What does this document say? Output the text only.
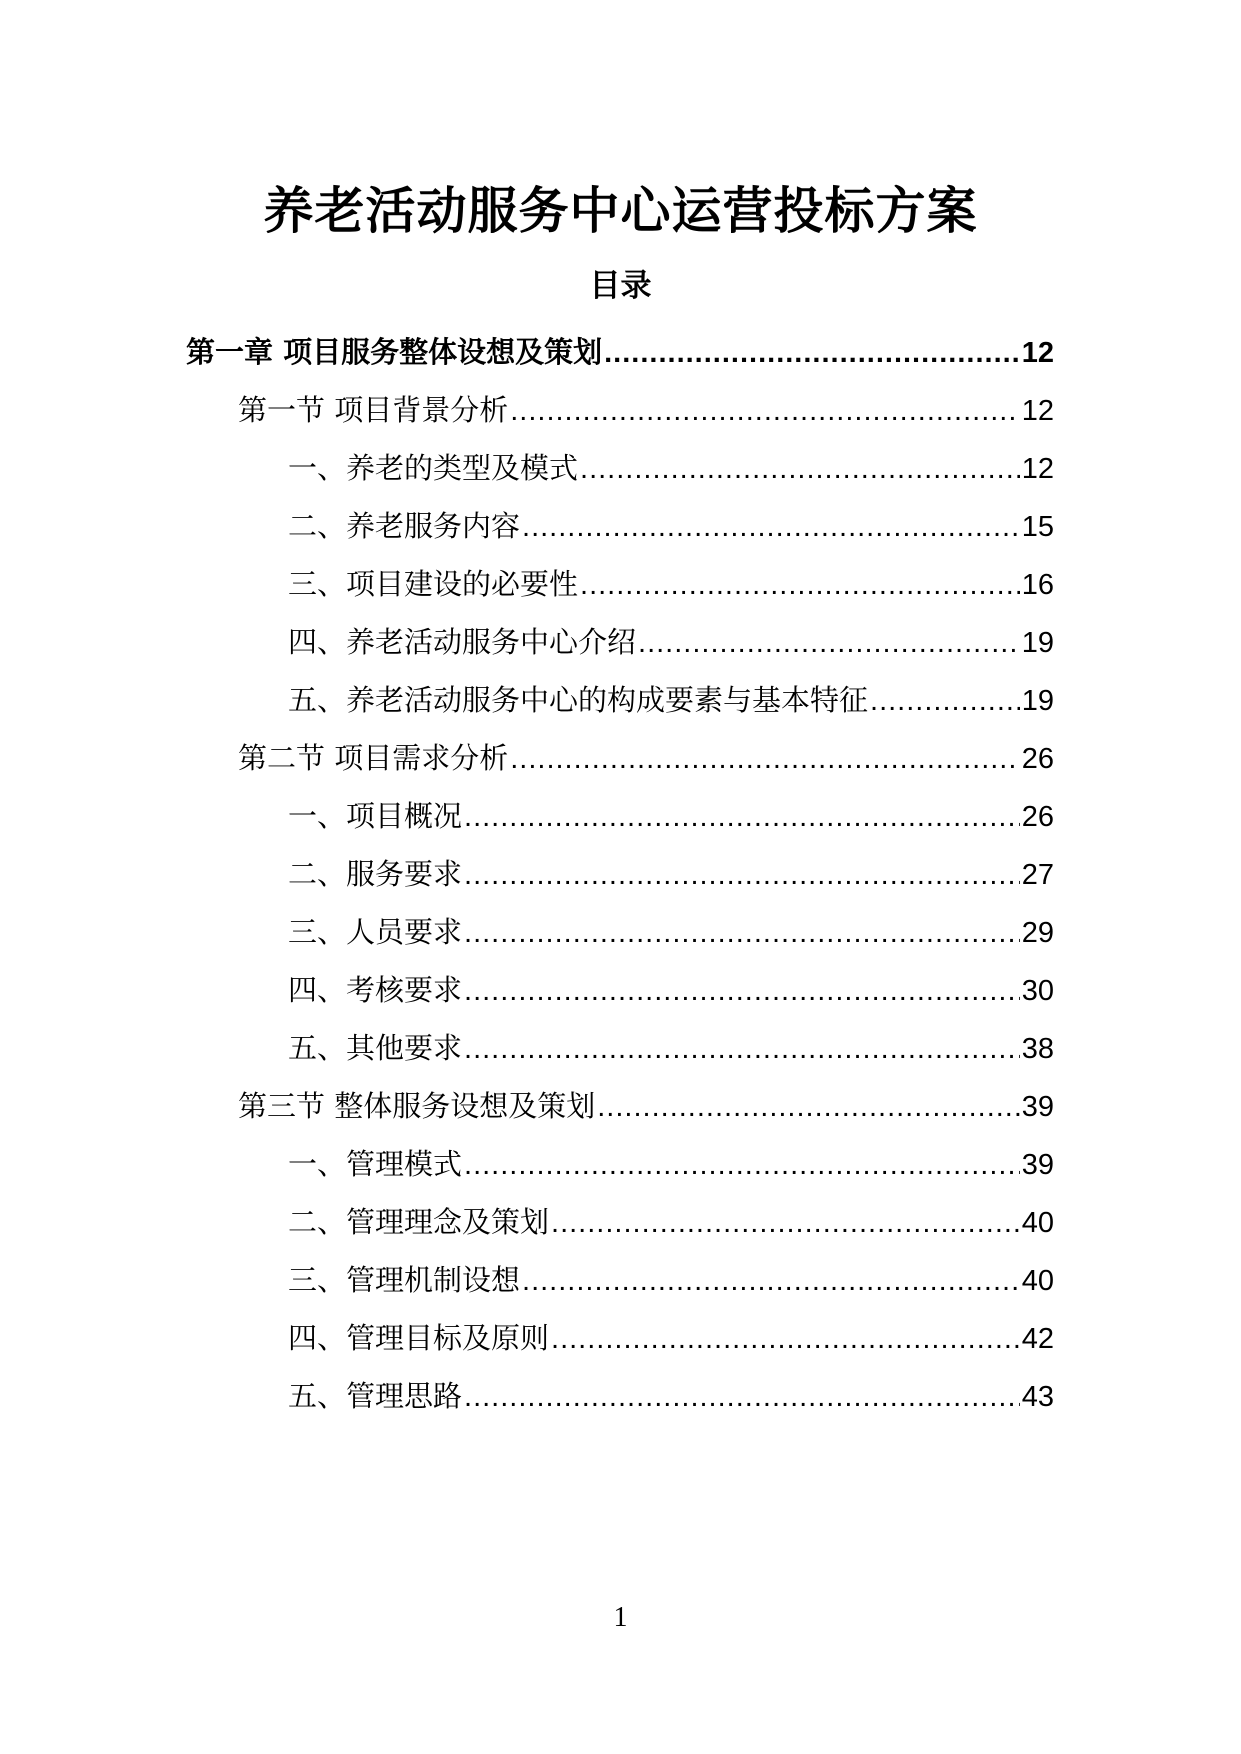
养老活动服务中心运营投标方案
目录
第一章 项目服务整体设想及策划 .....	12
第一节 项目背景分析 .....	12
一、养老的类型及模式 .....	12
二、养老服务内容 .....	15
三、项目建设的必要性 .....	16
四、养老活动服务中心介绍 .....	19
五、养老活动服务中心的构成要素与基本特征 .....	19
第二节 项目需求分析 .....	26
一、项目概况 .....	26
二、服务要求 .....	27
三、人员要求 .....	29
四、考核要求 .....	30
五、其他要求 .....	38
第三节 整体服务设想及策划 .....	39
一、管理模式 .....	39
二、管理理念及策划 .....	40
三、管理机制设想 .....	40
四、管理目标及原则 .....	42
五、管理思路 .....	43
1
